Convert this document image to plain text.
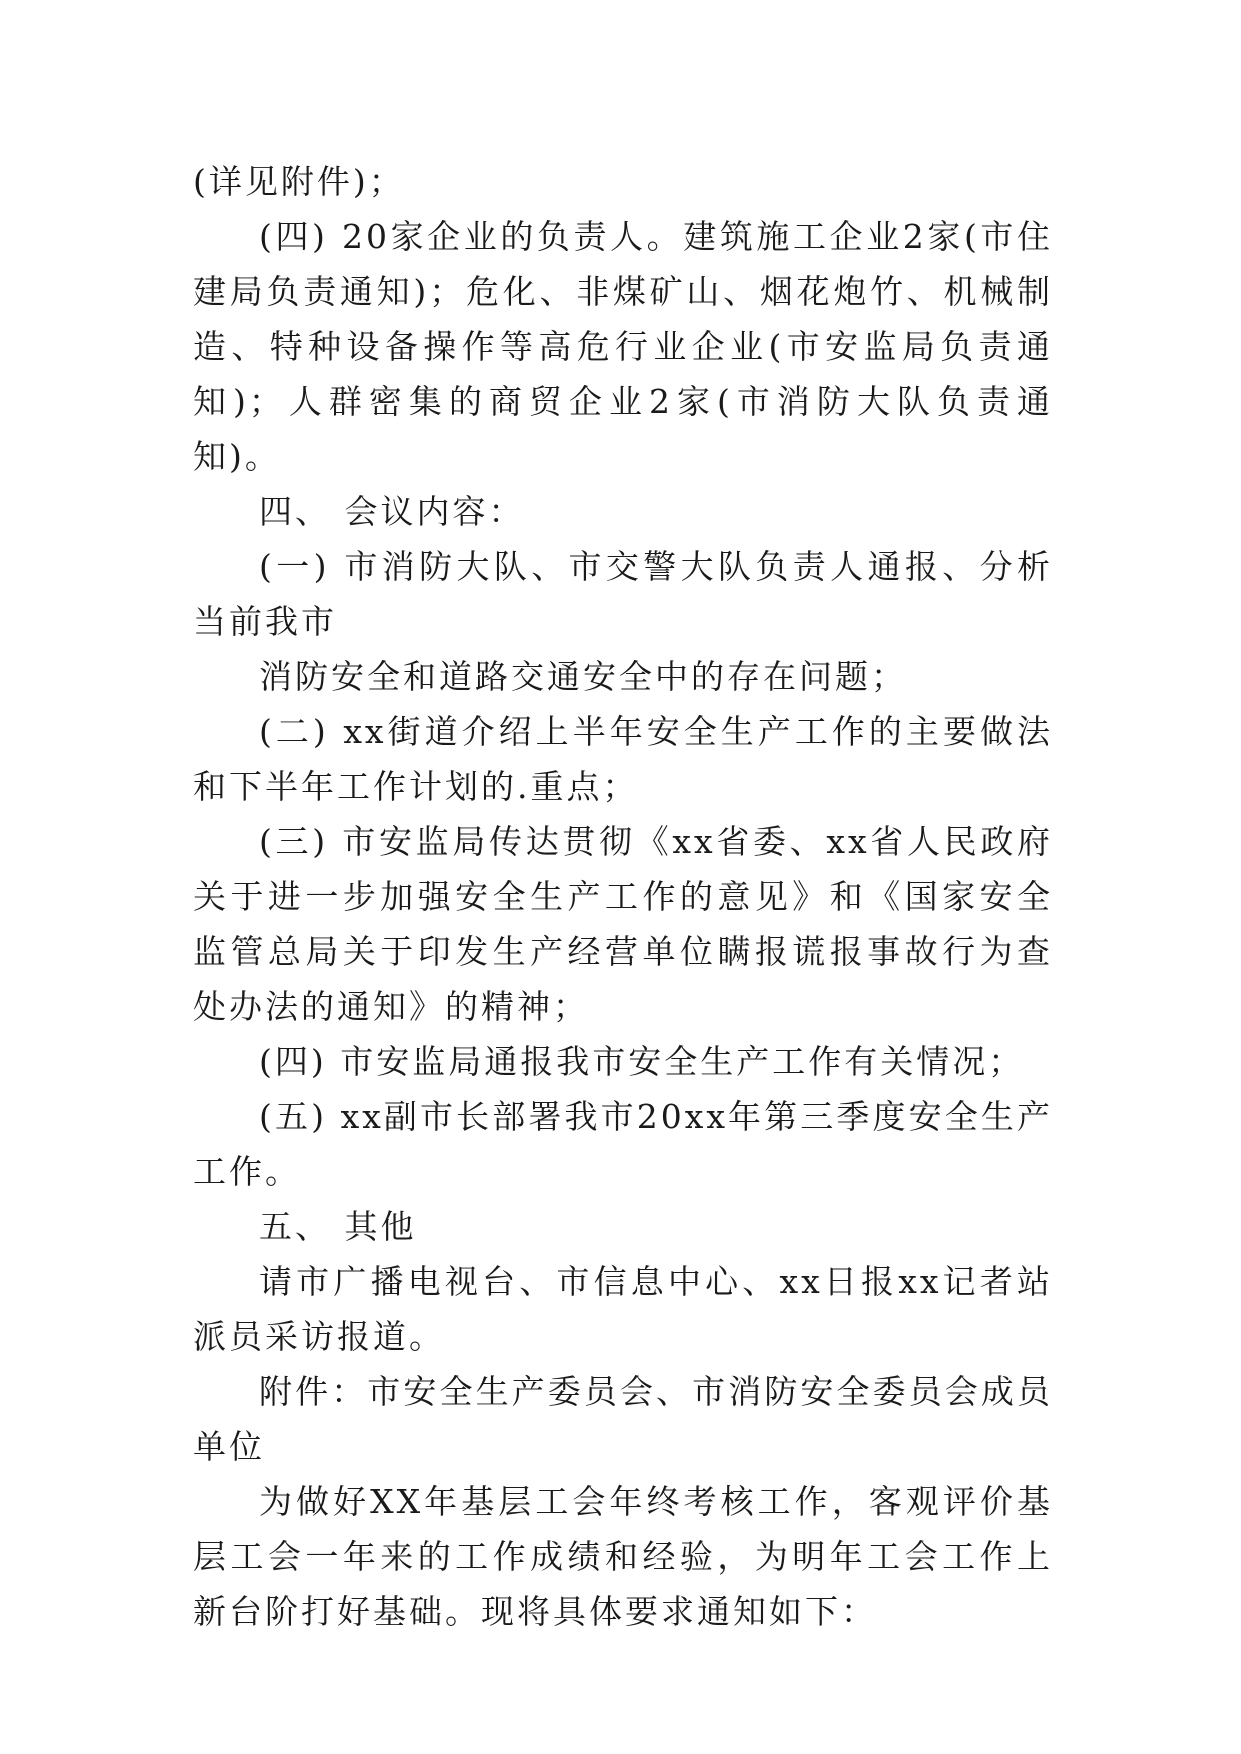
(详见附件)；

(四) 20家企业的负责人。建筑施工企业2家(市住建局负责通知)；危化、非煤矿山、烟花炮竹、机械制造、特种设备操作等高危行业企业(市安监局负责通知)；人群密集的商贸企业2家(市消防大队负责通知)。

四、 会议内容：

(一) 市消防大队、市交警大队负责人通报、分析当前我市

消防安全和道路交通安全中的存在问题；

(二) xx街道介绍上半年安全生产工作的主要做法和下半年工作计划的.重点；

(三) 市安监局传达贯彻《xx省委、xx省人民政府关于进一步加强安全生产工作的意见》和《国家安全监管总局关于印发生产经营单位瞒报谎报事故行为查处办法的通知》的精神；

(四) 市安监局通报我市安全生产工作有关情况；

(五) xx副市长部署我市20xx年第三季度安全生产工作。

五、 其他

请市广播电视台、市信息中心、xx日报xx记者站派员采访报道。

附件：市安全生产委员会、市消防安全委员会成员单位

为做好XX年基层工会年终考核工作，客观评价基层工会一年来的工作成绩和经验，为明年工会工作上新台阶打好基础。现将具体要求通知如下：
